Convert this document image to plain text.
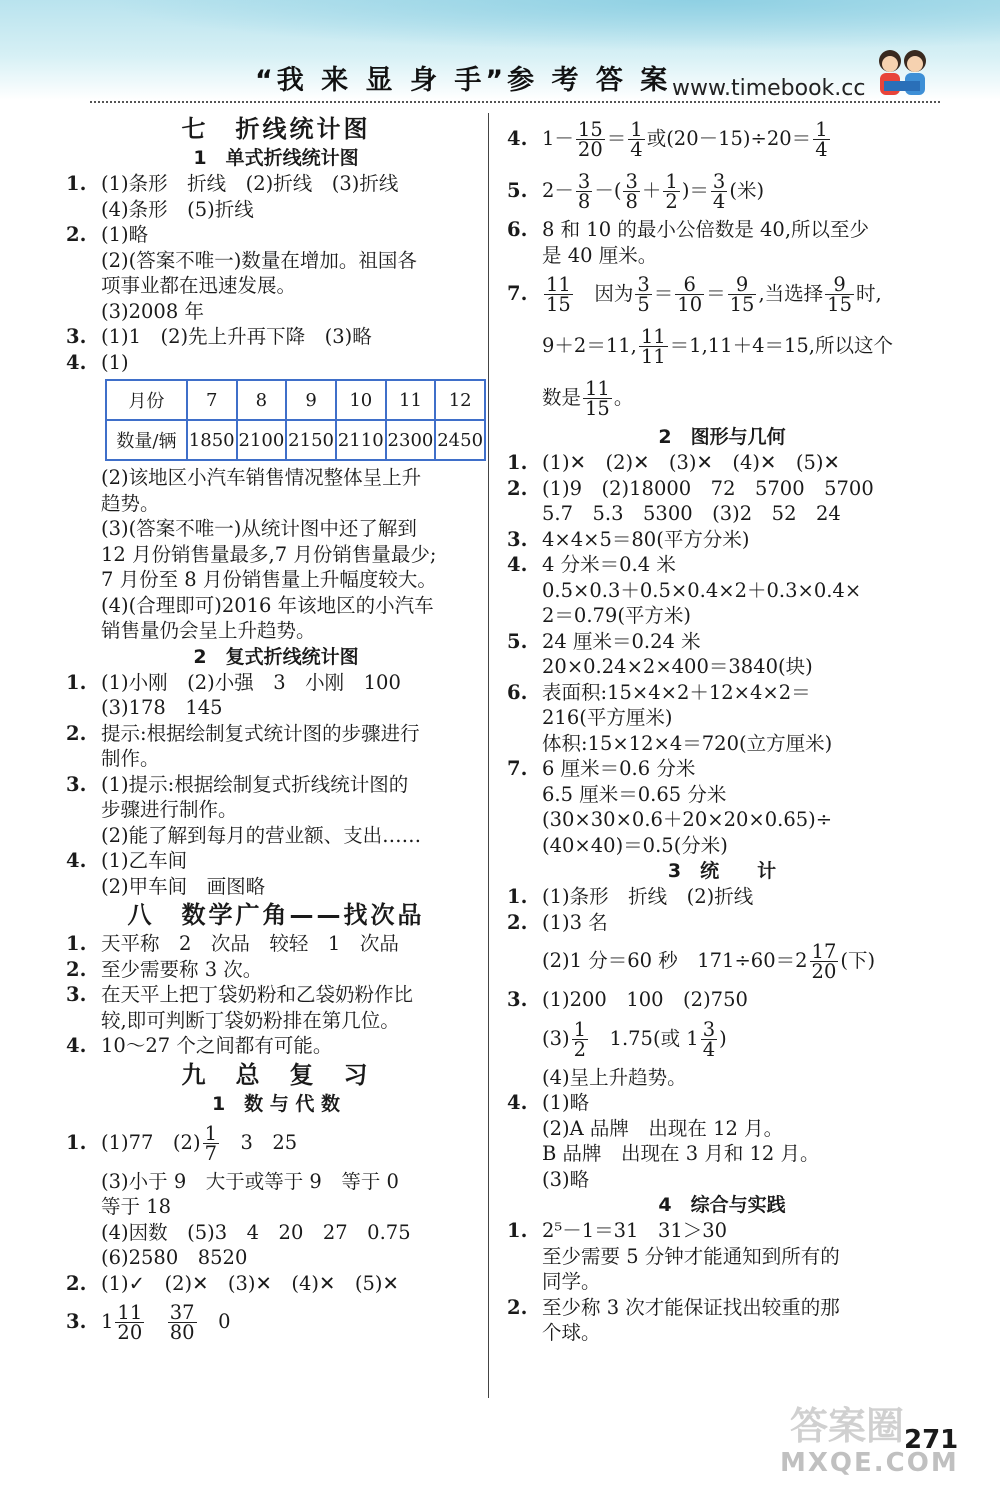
“我 来 显 身 手”参 考 答 案 www.timebook.cc
七　折线统计图
1　单式折线统计图
1. (1)条形　折线　(2)折线　(3)折线
(4)条形　(5)折线
2. (1)略
(2)(答案不唯一)数量在增加。祖国各
项事业都在迅速发展。
(3)2008 年
3. (1)1　(2)先上升再下降　(3)略
4. (1)
月份	7	8	9	10	11	12
数量/辆	1850	2100	2150	2110	2300	2450
(2)该地区小汽车销售情况整体呈上升
趋势。
(3)(答案不唯一)从统计图中还了解到
12 月份销售量最多,7 月份销售量最少;
7 月份至 8 月份销售量上升幅度较大。
(4)(合理即可)2016 年该地区的小汽车
销售量仍会呈上升趋势。
2　复式折线统计图
1. (1)小刚　(2)小强　3　小刚　100
(3)178　145
2. 提示:根据绘制复式统计图的步骤进行
制作。
3. (1)提示:根据绘制复式折线统计图的
步骤进行制作。
(2)能了解到每月的营业额、支出……
4. (1)乙车间
(2)甲车间　画图略
八　数学广角——找次品
1. 天平称　2　次品　较轻　1　次品
2. 至少需要称 3 次。
3. 在天平上把丁袋奶粉和乙袋奶粉作比
较,即可判断丁袋奶粉排在第几位。
4. 10～27 个之间都有可能。
九　总　复　习
1　数 与 代 数
1. (1)77　$(2) \frac{1}{7}$ 　3　25
(3)小于 9　大于或等于 9　等于 0
等于 18
(4)因数　(5)3　4　20　27　0.75
(6)2580　8520
2. (1)✓　(2)✕　(3)✕　(4)✕　(5)✕
3. $1 \frac{11}{20}$
　 $\frac{37}{80}$
　 0
4. $1- \frac{15}{20} = \frac{1}{4}$ 或$(20-15)\div 20= \frac{1}{4}$
5. $2- \frac{3}{8}$ －( $\frac{3}{8} + \frac{1}{2}$ )＝ $\frac{3}{4}$ (米)
6. 8 和 10 的最小公倍数是 40,所以至少
是 40 厘米。
7. $\frac{11}{15}$ 　因为 $\frac{3}{5} = \frac{6}{10} = \frac{9}{15}$ ,当选择 $\frac{9}{15}$ 时,
9＋2＝11, $\frac{11}{11} =1,11+4=15$,所以这个
数是 $\frac{11}{15}$ 。
2　图形与几何
1. (1)✕　(2)✕　(3)✕　(4)✕　(5)✕
2. (1)9　(2)18000　72　5700　5700
5.7　5.3　5300　(3)2　52　24
3. 4×4×5＝80(平方分米)
4. 4 分米＝0.4 米
0.5×0.3＋0.5×0.4×2＋0.3×0.4×
2＝0.79(平方米)
5. 24 厘米＝0.24 米
20×0.24×2×400＝3840(块)
6. 表面积:15×4×2＋12×4×2＝
216(平方厘米)
体积:15×12×4＝720(立方厘米)
7. 6 厘米＝0.6 分米
6.5 厘米＝0.65 分米
(30×30×0.6＋20×20×0.65)÷
(40×40)＝0.5(分米)
3　统　　计
1. (1)条形　折线　(2)折线
2. (1)3 名
(2)1 分＝60 秒　$171\div 60=2 \frac{17}{20}$ (下)
3. (1)200　100　(2)750
$(3) \frac{1}{2}$ 　1.75(或 $1 \frac{3}{4}$ )
(4)呈上升趋势。
4. (1)略
(2)A 品牌　出现在 12 月。
B 品牌　出现在 3 月和 12 月。
(3)略
4　综合与实践
1. 2⁵－1＝31　31＞30
至少需要 5 分钟才能通知到所有的
同学。
2. 至少称 3 次才能保证找出较重的那
个球。
答案圈
MXQE.COM
271
